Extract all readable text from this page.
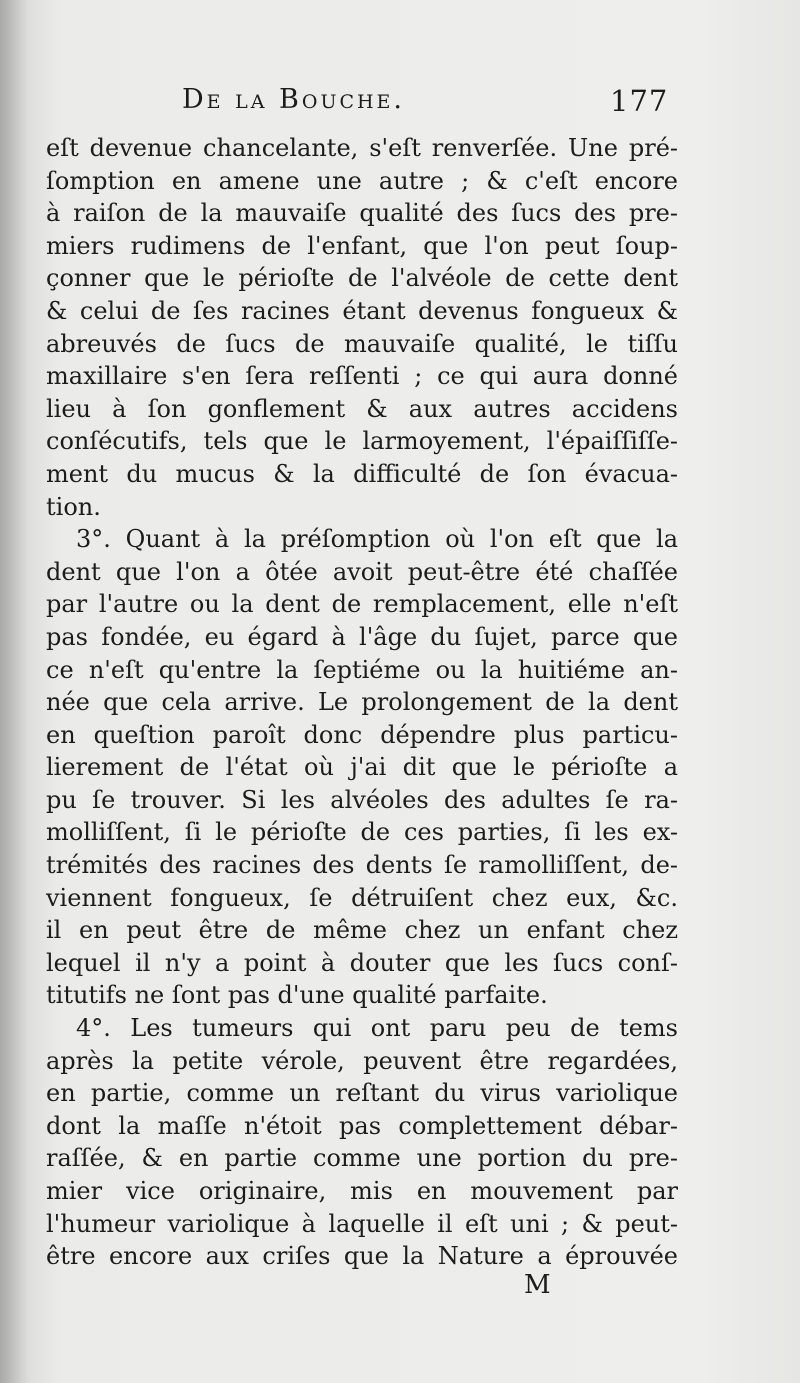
De la Bouche.	177
eſt devenue chancelante, s'eſt renverſée. Une pré-
ſomption en amene une autre ; & c'eſt encore
à raiſon de la mauvaiſe qualité des ſucs des pre-
miers rudimens de l'enfant, que l'on peut ſoup-
çonner que le périoſte de l'alvéole de cette dent
& celui de ſes racines étant devenus fongueux &
abreuvés de ſucs de mauvaiſe qualité, le tiſſu
maxillaire s'en ſera reſſenti ; ce qui aura donné
lieu à ſon gonflement & aux autres accidens
conſécutifs, tels que le larmoyement, l'épaiſſiſſe-
ment du mucus & la difficulté de ſon évacua-
tion.
3°. Quant à la préſomption où l'on eſt que la
dent que l'on a ôtée avoit peut-être été chaſſée
par l'autre ou la dent de remplacement, elle n'eſt
pas fondée, eu égard à l'âge du ſujet, parce que
ce n'eſt qu'entre la ſeptiéme ou la huitiéme an-
née que cela arrive. Le prolongement de la dent
en queſtion paroît donc dépendre plus particu-
lierement de l'état où j'ai dit que le périoſte a
pu ſe trouver. Si les alvéoles des adultes ſe ra-
molliſſent, ſi le périoſte de ces parties, ſi les ex-
trémités des racines des dents ſe ramolliſſent, de-
viennent fongueux, ſe détruiſent chez eux, &c.
il en peut être de même chez un enfant chez
lequel il n'y a point à douter que les ſucs conſ-
titutifs ne ſont pas d'une qualité parfaite.
4°. Les tumeurs qui ont paru peu de tems
après la petite vérole, peuvent être regardées,
en partie, comme un reſtant du virus variolique
dont la maſſe n'étoit pas complettement débar-
raſſée, & en partie comme une portion du pre-
mier vice originaire, mis en mouvement par
l'humeur variolique à laquelle il eſt uni ; & peut-
être encore aux criſes que la Nature a éprouvée
M
